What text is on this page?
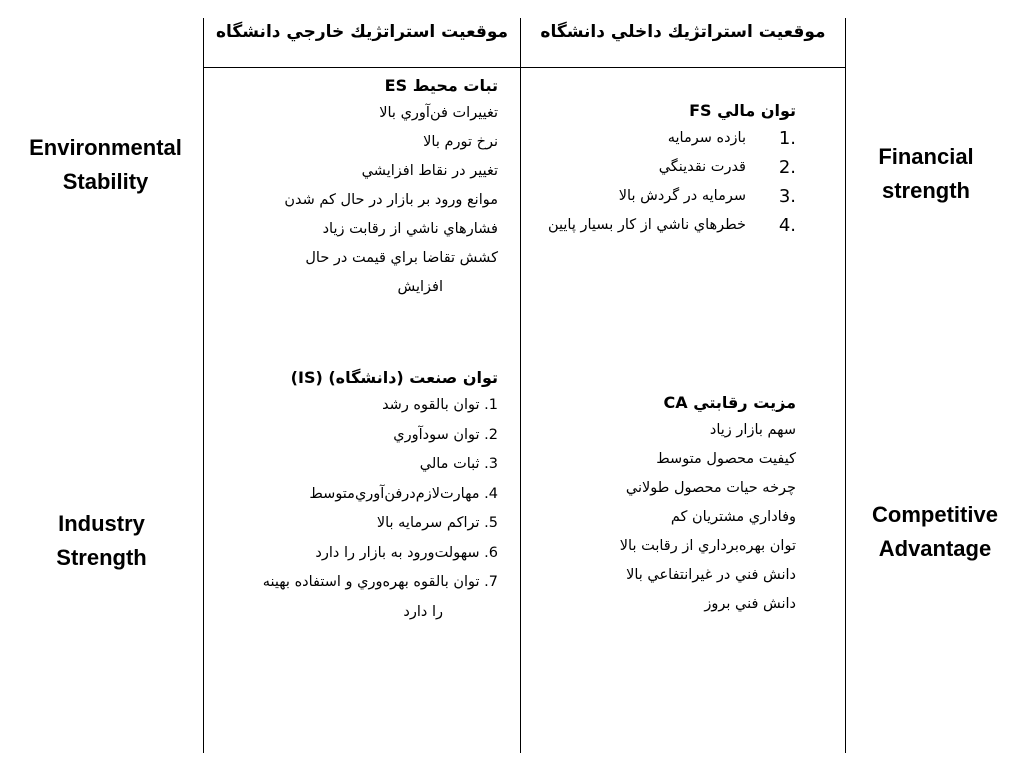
موقعيت استراتژيك خارجي دانشگاه	موقعيت استراتژيك داخلي دانشگاه
Environmental
Stability
Industry
Strength
Financial
strength
Competitive
Advantage
تبات محيط ES
تغييرات فن‌آوري بالا
نرخ تورم بالا
تغيير در نقاط افزايشي
موانع ورود بر بازار در حال كم شدن
فشارهاي ناشي از رقابت زياد
كشش تقاضا براي قيمت در حال
افزايش
توان مالي FS
1.
بازده سرمايه
2.
قدرت نقدينگي
3.
سرمايه در گردش بالا
4.
خطرهاي ناشي از كار بسيار پايين
توان صنعت (دانشگاه) (IS)
1. توان بالقوه رشد
2. توان سودآوري
3. ثبات مالي
4. مهارت‌لازم‌درفن‌آوري‌متوسط
5. تراكم سرمايه بالا
6. سهولت‌ورود به بازار را دارد
7. توان بالقوه بهره‌وري و استفاده بهينه
را دارد
مزيت رقابتي CA
سهم بازار زياد
كيفيت محصول متوسط
چرخه حيات محصول طولاني
وفاداري مشتريان كم
توان بهره‌برداري از رقابت بالا
دانش فني در غيرانتفاعي بالا
دانش فني بروز
